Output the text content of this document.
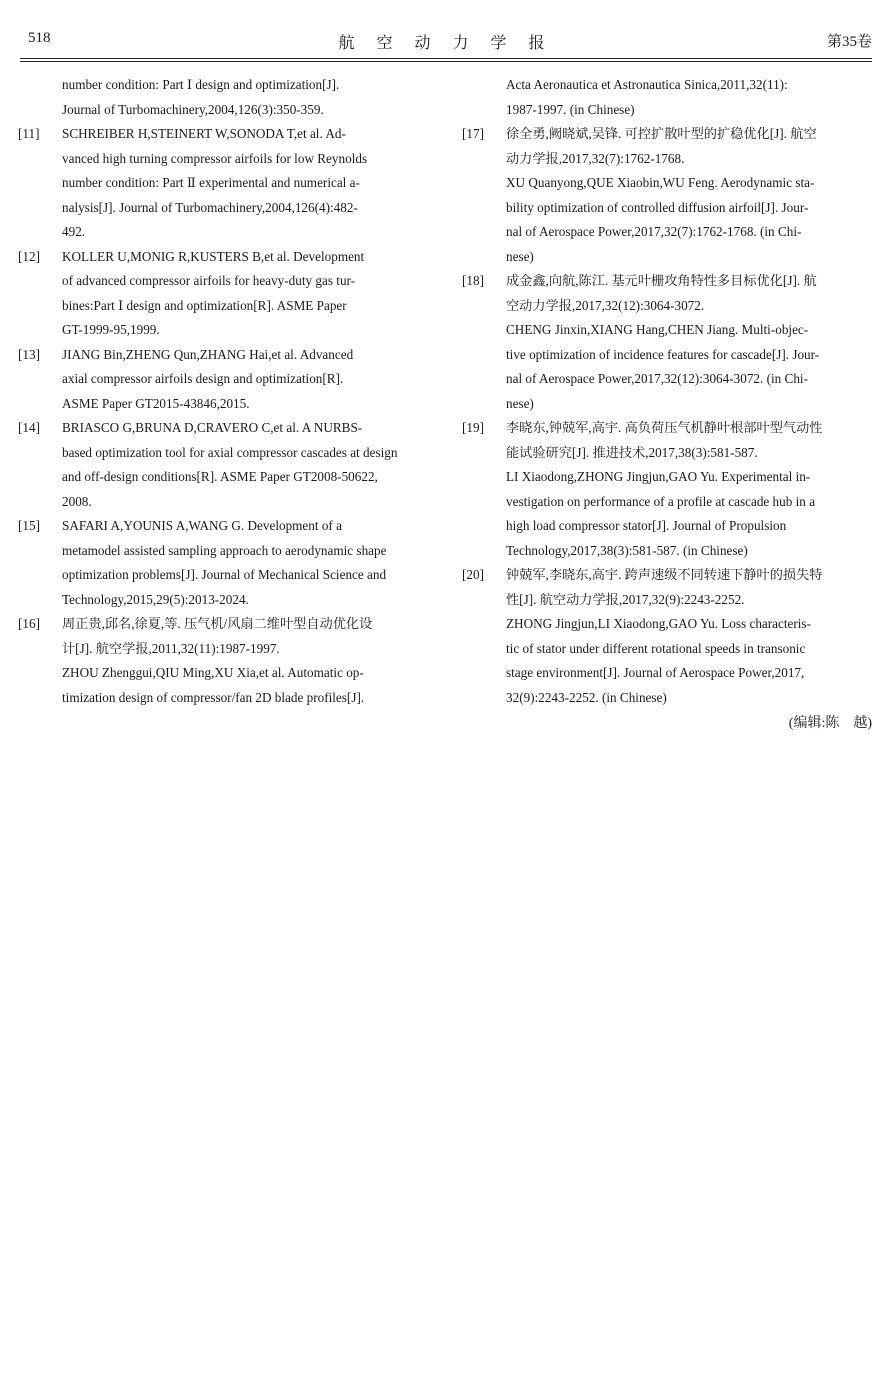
518	航 空 动 力 学 报	第35卷
number condition: Part Ⅰ design and optimization[J].
Journal of Turbomachinery,2004,126(3):350-359.
[11] SCHREIBER H,STEINERT W,SONODA T,et al. Ad-
vanced high turning compressor airfoils for low Reynolds
number condition: Part Ⅱ experimental and numerical a-
nalysis[J]. Journal of Turbomachinery,2004,126(4):482-
492.
[12] KOLLER U,MONIG R,KUSTERS B,et al. Development
of advanced compressor airfoils for heavy-duty gas tur-
bines:Part Ⅰ design and optimization[R]. ASME Paper
GT-1999-95,1999.
[13] JIANG Bin,ZHENG Qun,ZHANG Hai,et al. Advanced
axial compressor airfoils design and optimization[R].
ASME Paper GT2015-43846,2015.
[14] BRIASCO G,BRUNA D,CRAVERO C,et al. A NURBS-
based optimization tool for axial compressor cascades at design
and off-design conditions[R]. ASME Paper GT2008-50622,
2008.
[15] SAFARI A,YOUNIS A,WANG G. Development of a
metamodel assisted sampling approach to aerodynamic shape
optimization problems[J]. Journal of Mechanical Science and
Technology,2015,29(5):2013-2024.
[16] 周正贵,邱名,徐夏,等. 压气机/风扇二维叶型自动优化设
计[J]. 航空学报,2011,32(11):1987-1997.
ZHOU Zhenggui,QIU Ming,XU Xia,et al. Automatic op-
timization design of compressor/fan 2D blade profiles[J].
Acta Aeronautica et Astronautica Sinica,2011,32(11):
1987-1997. (in Chinese)
[17] 徐全勇,阙晓斌,吴锋. 可控扩散叶型的扩稳优化[J]. 航空
动力学报,2017,32(7):1762-1768.
XU Quanyong,QUE Xiaobin,WU Feng. Aerodynamic sta-
bility optimization of controlled diffusion airfoil[J]. Jour-
nal of Aerospace Power,2017,32(7):1762-1768. (in Chi-
nese)
[18] 成金鑫,向航,陈江. 基元叶栅攻角特性多目标优化[J]. 航
空动力学报,2017,32(12):3064-3072.
CHENG Jinxin,XIANG Hang,CHEN Jiang. Multi-objec-
tive optimization of incidence features for cascade[J]. Jour-
nal of Aerospace Power,2017,32(12):3064-3072. (in Chi-
nese)
[19] 李晓东,钟兢军,高宇. 高负荷压气机静叶根部叶型气动性
能试验研究[J]. 推进技术,2017,38(3):581-587.
LI Xiaodong,ZHONG Jingjun,GAO Yu. Experimental in-
vestigation on performance of a profile at cascade hub in a
high load compressor stator[J]. Journal of Propulsion
Technology,2017,38(3):581-587. (in Chinese)
[20] 钟兢军,李晓东,高宇. 跨声速级不同转速下静叶的损失特
性[J]. 航空动力学报,2017,32(9):2243-2252.
ZHONG Jingjun,LI Xiaodong,GAO Yu. Loss characteris-
tic of stator under different rotational speeds in transonic
stage environment[J]. Journal of Aerospace Power,2017,
32(9):2243-2252. (in Chinese)
(编辑:陈　越)
